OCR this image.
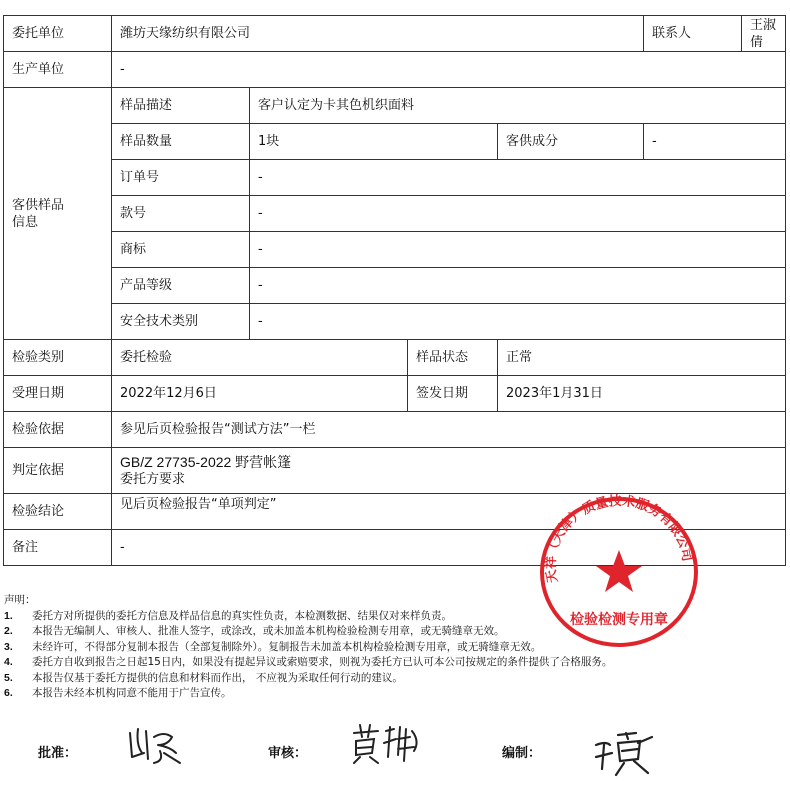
委托单位	潍坊天缘纺织有限公司				联系人	王淑倩
生产单位	-					

客供样品
信息	样品描述	客户认定为卡其色机织面料				
	样品数量	1块		客供成分	-	
	订单号	-				
	款号	-				
	商标	-				
	产品等级	-				
	安全技术类别	-				
检验类别	委托检验		样品状态	正常		
受理日期	2022年12月6日		签发日期	2023年1月31日		
检验依据	参见后页检验报告“测试方法”一栏					
判定依据	GB/Z 27735-2022 野营帐篷
委托方要求					

检验结论	见后页检验报告“单项判定”					
备注	-					
声明：
1.	委托方对所提供的委托方信息及样品信息的真实性负责，本检测数据、结果仅对来样负责。
2.	本报告无编制人、审核人、批准人签字，或涂改，或未加盖本机构检验检测专用章，或无骑缝章无效。
3.	未经许可，不得部分复制本报告（全部复制除外）。复制报告未加盖本机构检验检测专用章，或无骑缝章无效。
4.	委托方自收到报告之日起15日内，如果没有提起异议或索赔要求，则视为委托方已认可本公司按规定的条件提供了合格服务。
5.	本报告仅基于委托方提供的信息和材料而作出， 不应视为采取任何行动的建议。
6.	本报告未经本机构同意不能用于广告宣传。
批准：	审核：	编制：
天祥（天津）质量技术服务有限公司
检验检测专用章
